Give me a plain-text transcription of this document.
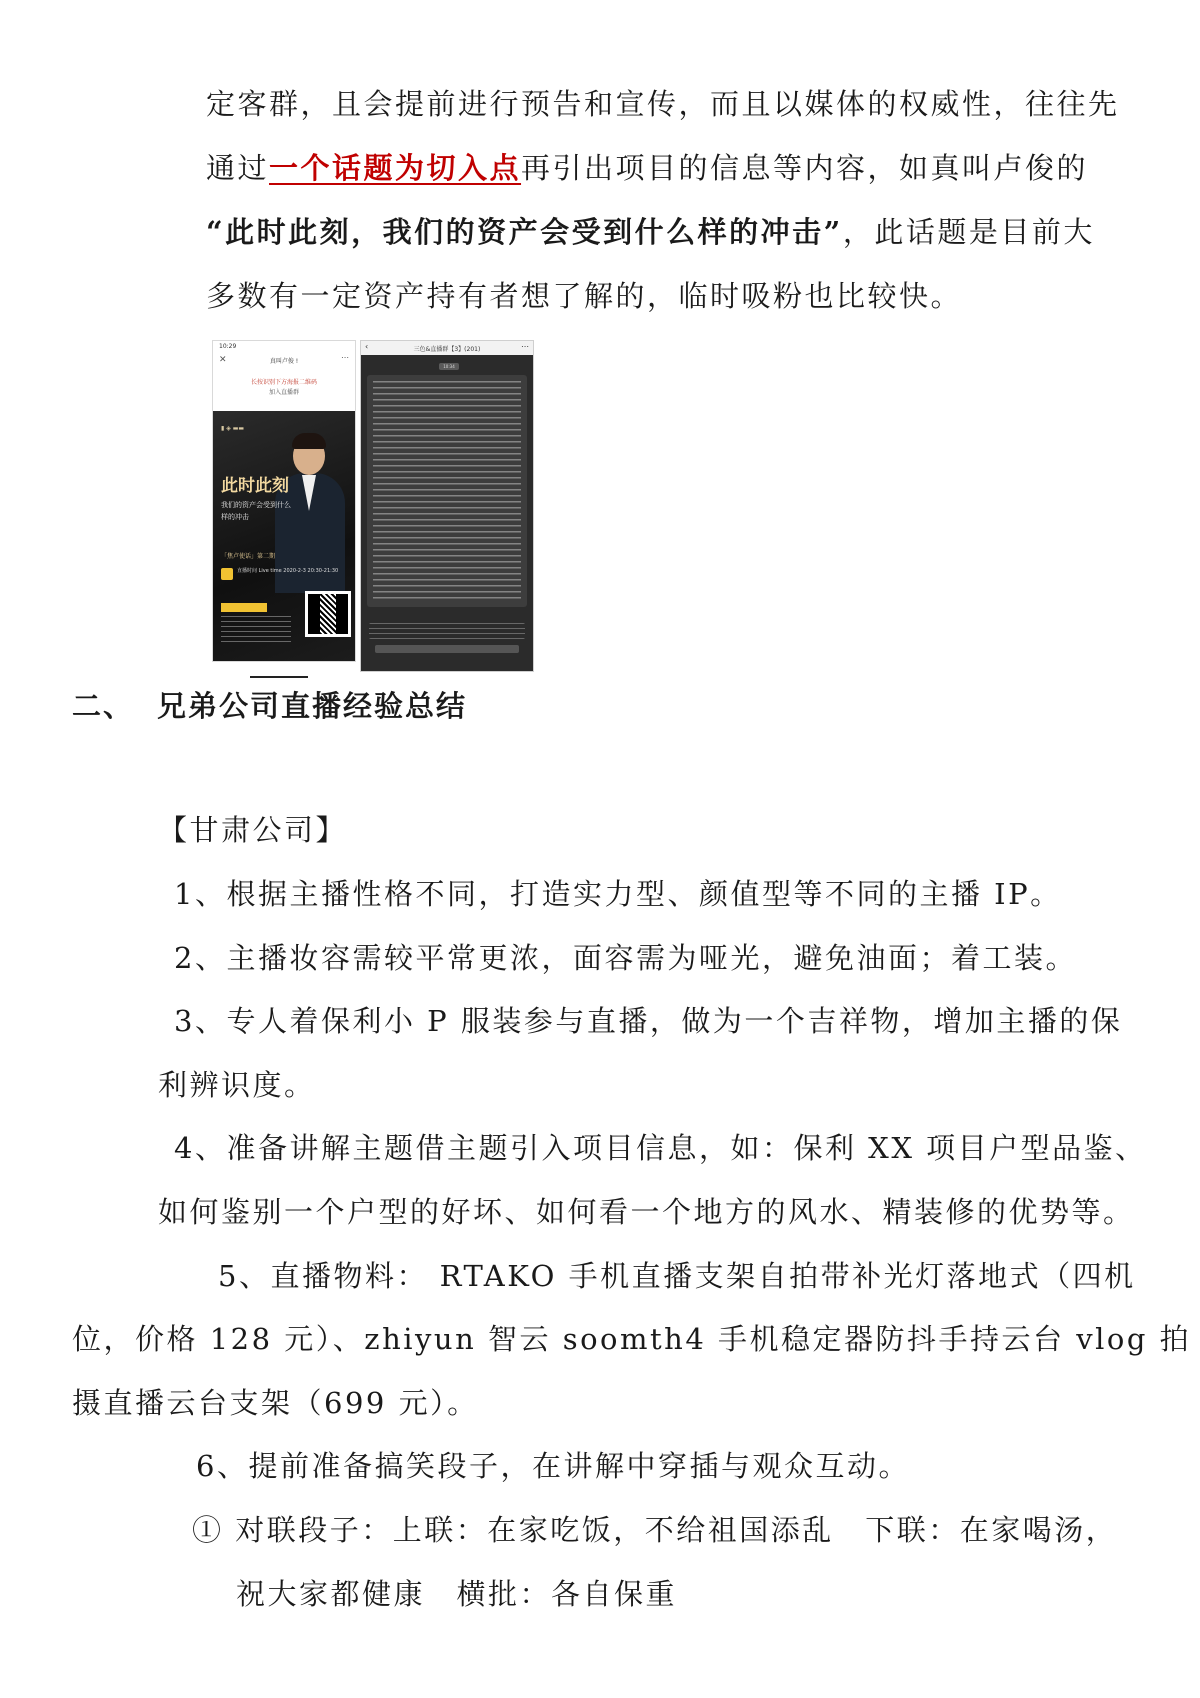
定客群，且会提前进行预告和宣传，而且以媒体的权威性，往往先
通过一个话题为切入点再引出项目的信息等内容，如真叫卢俊的
“此时此刻，我们的资产会受到什么样的冲击”，此话题是目前大
多数有一定资产持有者想了解的，临时吸粉也比较快。
10:29
✕	真叫卢俊 !	⋯
长按识别下方海报二维码
加入直播群
▮ ◈ ▬▬
此时此刻
我们的资产会受到什么样的冲击
「焦卢使话」第二期
直播时间 Live time 2020-2-3 20:30-21:30
‹	三色&直播群【3】(201)	⋯
10:34
二、 兄弟公司直播经验总结
【甘肃公司】
1、根据主播性格不同，打造实力型、颜值型等不同的主播 IP。
2、主播妆容需较平常更浓，面容需为哑光，避免油面；着工装。
3、专人着保利小 P 服装参与直播，做为一个吉祥物，增加主播的保
利辨识度。
4、准备讲解主题借主题引入项目信息，如：保利 XX 项目户型品鉴、
如何鉴别一个户型的好坏、如何看一个地方的风水、精装修的优势等。
5、直播物料： RTAKO 手机直播支架自拍带补光灯落地式（四机
位，价格 128 元）、zhiyun 智云 soomth4 手机稳定器防抖手持云台 vlog 拍
摄直播云台支架（699 元）。
6、提前准备搞笑段子，在讲解中穿插与观众互动。
① 对联段子：上联：在家吃饭，不给祖国添乱　下联：在家喝汤，
祝大家都健康　横批：各自保重
